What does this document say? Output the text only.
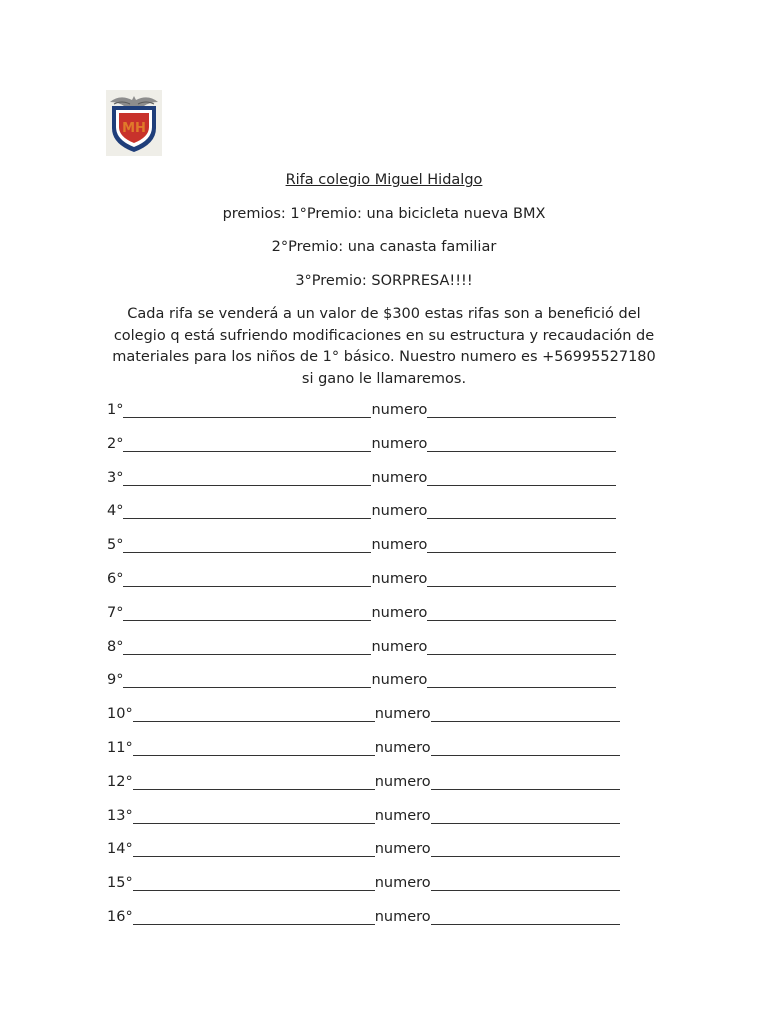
MH
Rifa colegio Miguel Hidalgo
premios: 1°Premio: una bicicleta nueva BMX
2°Premio: una canasta familiar
3°Premio: SORPRESA!!!!
Cada rifa se venderá a un valor de $300 estas rifas son a benefició del colegio q está sufriendo modificaciones en su estructura y recaudación de materiales para los niños de 1° básico. Nuestro numero es +56995527180 si gano le llamaremos.
1°	numero
2°	numero
3°	numero
4°	numero
5°	numero
6°	numero
7°	numero
8°	numero
9°	numero
10°	numero
11°	numero
12°	numero
13°	numero
14°	numero
15°	numero
16°	numero
